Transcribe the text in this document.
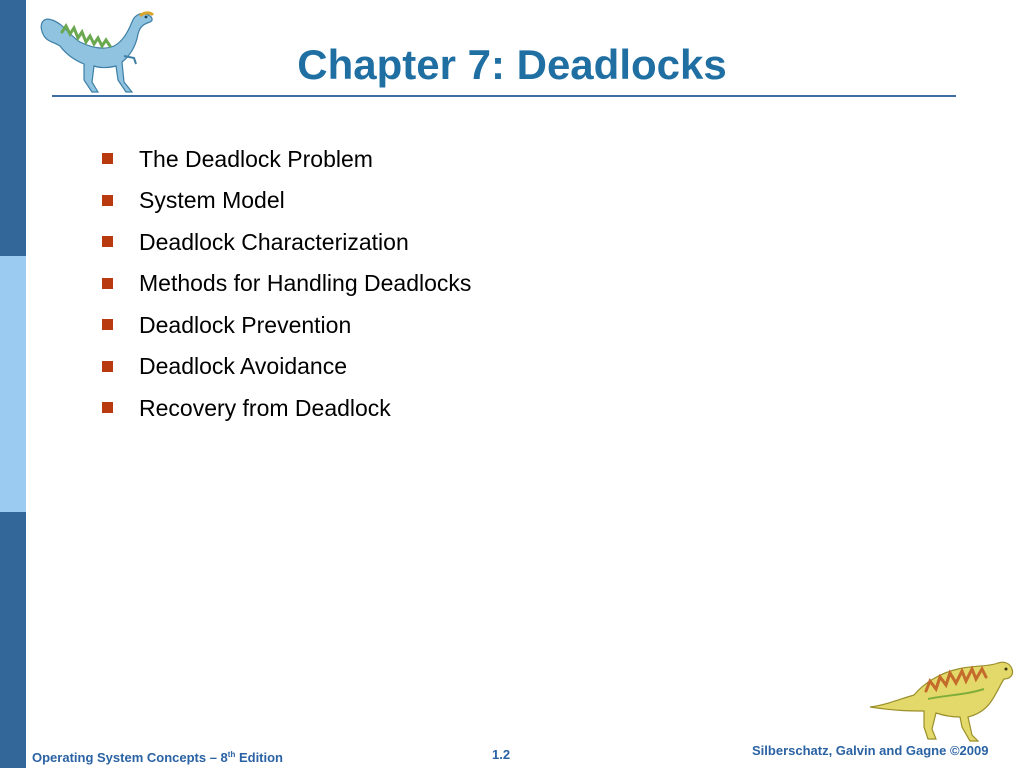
Chapter 7: Deadlocks
The Deadlock Problem
System Model
Deadlock Characterization
Methods for Handling Deadlocks
Deadlock Prevention
Deadlock Avoidance
Recovery from Deadlock
Operating System Concepts – 8th Edition	1.2	Silberschatz, Galvin and Gagne ©2009
